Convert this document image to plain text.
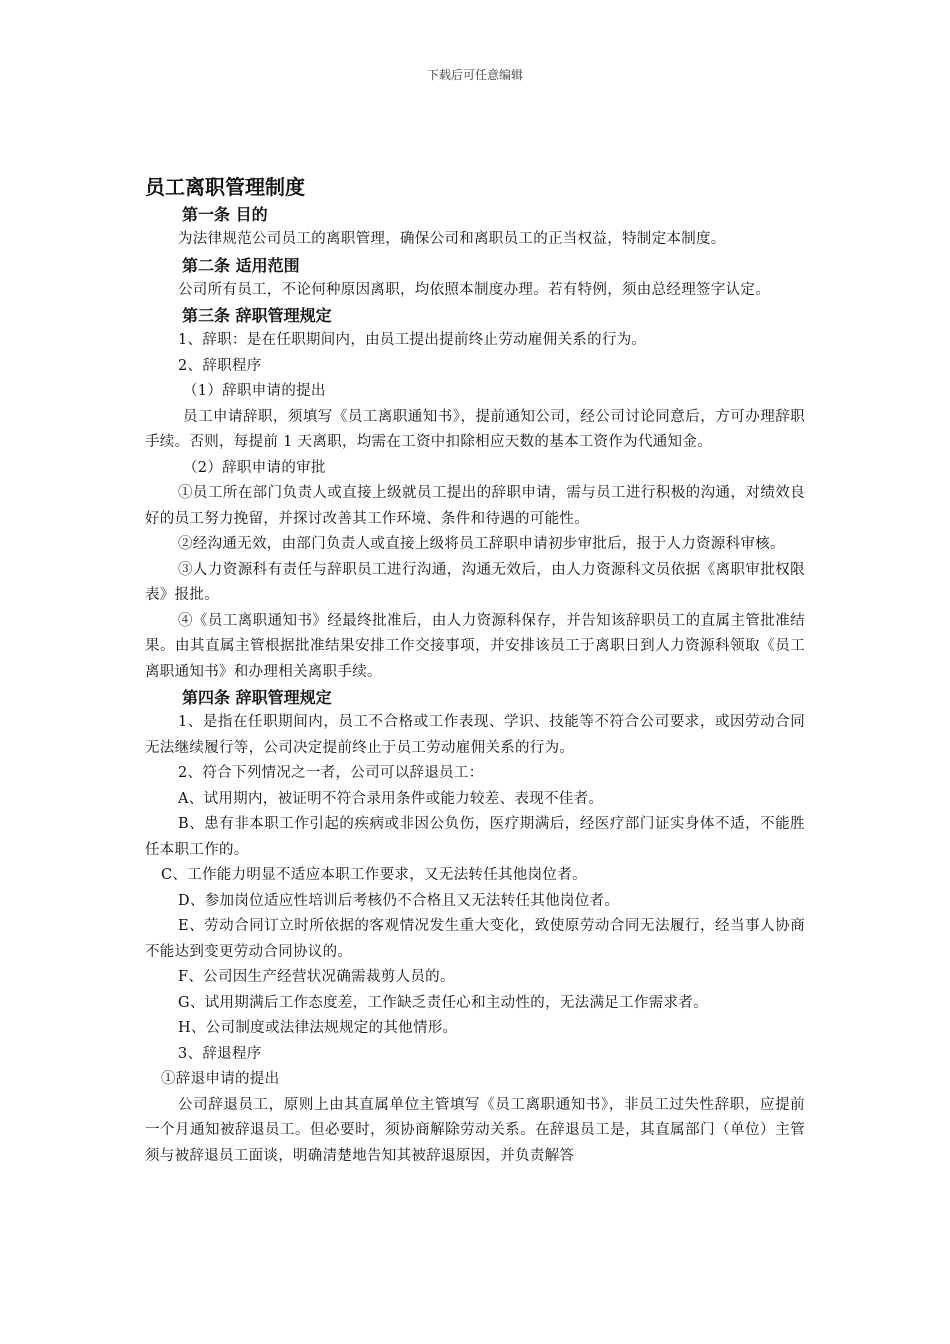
下载后可任意编辑
员工离职管理制度
第一条 目的

为法律规范公司员工的离职管理，确保公司和离职员工的正当权益，特制定本制度。

第二条 适用范围

公司所有员工，不论何种原因离职，均依照本制度办理。若有特例，须由总经理签字认定。

第三条 辞职管理规定

1、辞职：是在任职期间内，由员工提出提前终止劳动雇佣关系的行为。

2、辞职程序

（1）辞职申请的提出

员工申请辞职，须填写《员工离职通知书》，提前通知公司，经公司讨论同意后，方可办理辞职手续。否则，每提前 1 天离职，均需在工资中扣除相应天数的基本工资作为代通知金。

（2）辞职申请的审批

①员工所在部门负责人或直接上级就员工提出的辞职申请，需与员工进行积极的沟通，对绩效良好的员工努力挽留，并探讨改善其工作环境、条件和待遇的可能性。

②经沟通无效，由部门负责人或直接上级将员工辞职申请初步审批后，报于人力资源科审核。

③人力资源科有责任与辞职员工进行沟通，沟通无效后，由人力资源科文员依据《离职审批权限表》报批。

④《员工离职通知书》经最终批准后，由人力资源科保存，并告知该辞职员工的直属主管批准结果。由其直属主管根据批准结果安排工作交接事项，并安排该员工于离职日到人力资源科领取《员工离职通知书》和办理相关离职手续。

第四条 辞职管理规定

1、是指在任职期间内，员工不合格或工作表现、学识、技能等不符合公司要求，或因劳动合同无法继续履行等，公司决定提前终止于员工劳动雇佣关系的行为。

2、符合下列情况之一者，公司可以辞退员工：

A、试用期内，被证明不符合录用条件或能力较差、表现不佳者。

B、患有非本职工作引起的疾病或非因公负伤，医疗期满后，经医疗部门证实身体不适，不能胜任本职工作的。

C、工作能力明显不适应本职工作要求，又无法转任其他岗位者。

D、参加岗位适应性培训后考核仍不合格且又无法转任其他岗位者。

E、劳动合同订立时所依据的客观情况发生重大变化，致使原劳动合同无法履行，经当事人协商不能达到变更劳动合同协议的。

F、公司因生产经营状况确需裁剪人员的。

G、试用期满后工作态度差，工作缺乏责任心和主动性的，无法满足工作需求者。

H、公司制度或法律法规规定的其他情形。

3、辞退程序

①辞退申请的提出

公司辞退员工，原则上由其直属单位主管填写《员工离职通知书》，非员工过失性辞职，应提前一个月通知被辞退员工。但必要时，须协商解除劳动关系。在辞退员工是，其直属部门（单位）主管须与被辞退员工面谈，明确清楚地告知其被辞退原因，并负责解答
